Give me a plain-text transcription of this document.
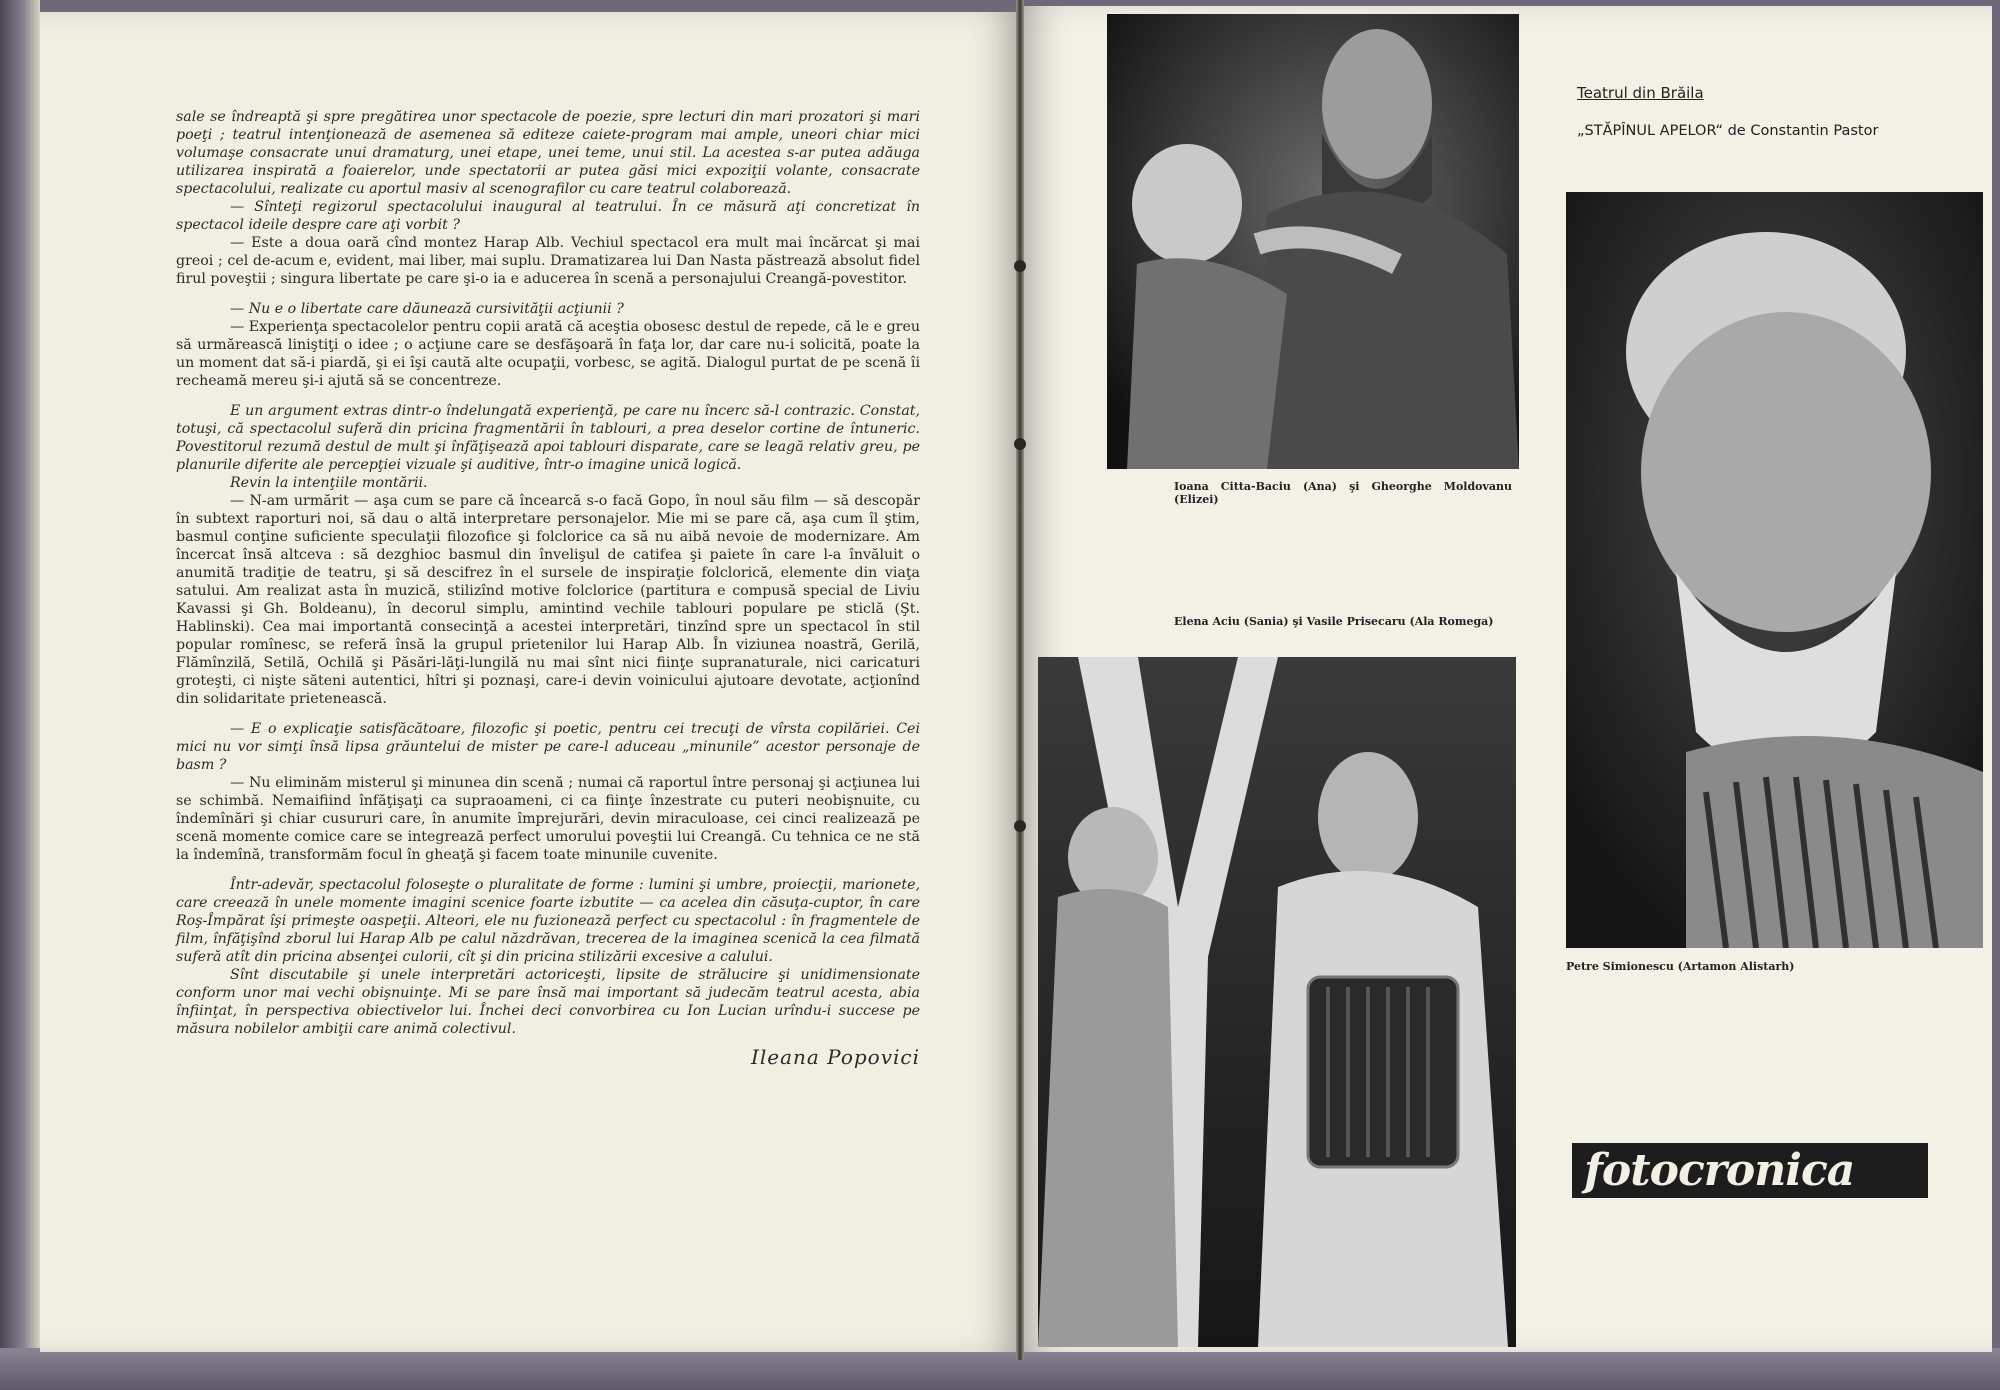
sale se îndreaptă şi spre pregătirea unor spectacole de poezie, spre lecturi din mari prozatori şi mari poeţi ; teatrul intenţionează de asemenea să editeze caiete-program mai ample, uneori chiar mici volumaşe consacrate unui dramaturg, unei etape, unei teme, unui stil. La acestea s-ar putea adăuga utilizarea inspirată a foaierelor, unde spectatorii ar putea găsi mici expoziţii volante, consacrate spectacolului, realizate cu aportul masiv al scenografilor cu care teatrul colaborează.

— Sînteţi regizorul spectacolului inaugural al teatrului. În ce măsură aţi concretizat în spectacol ideile despre care aţi vorbit ?

— Este a doua oară cînd montez Harap Alb. Vechiul spectacol era mult mai încărcat şi mai greoi ; cel de-acum e, evident, mai liber, mai suplu. Dramatizarea lui Dan Nasta păstrează absolut fidel firul poveştii ; singura libertate pe care şi-o ia e aducerea în scenă a personajului Creangă-povestitor.

— Nu e o libertate care dăunează cursivităţii acţiunii ?

— Experienţa spectacolelor pentru copii arată că aceştia obosesc destul de repede, că le e greu să urmărească liniştiţi o idee ; o acţiune care se desfăşoară în faţa lor, dar care nu-i solicită, poate la un moment dat să-i piardă, şi ei îşi caută alte ocupaţii, vorbesc, se agită. Dialogul purtat de pe scenă îi recheamă mereu şi-i ajută să se concentreze.

E un argument extras dintr-o îndelungată experienţă, pe care nu încerc să-l contrazic. Constat, totuşi, că spectacolul suferă din pricina fragmentării în tablouri, a prea deselor cortine de întuneric. Povestitorul rezumă destul de mult şi înfăţişează apoi tablouri disparate, care se leagă relativ greu, pe planurile diferite ale percepţiei vizuale şi auditive, într-o imagine unică logică.

Revin la intenţiile montării.

— N-am urmărit — aşa cum se pare că încearcă s-o facă Gopo, în noul său film — să descopăr în subtext raporturi noi, să dau o altă interpretare personajelor. Mie mi se pare că, aşa cum îl ştim, basmul conţine suficiente speculaţii filozofice şi folclorice ca să nu aibă nevoie de modernizare. Am încercat însă altceva : să dezghioc basmul din învelişul de catifea şi paiete în care l-a învăluit o anumită tradiţie de teatru, şi să descifrez în el sursele de inspiraţie folclorică, elemente din viaţa satului. Am realizat asta în muzică, stilizînd motive folclorice (partitura e compusă special de Liviu Kavassi şi Gh. Boldeanu), în decorul simplu, amintind vechile tablouri populare pe sticlă (Şt. Hablinski). Cea mai importantă consecinţă a acestei interpretări, tinzînd spre un spectacol în stil popular romînesc, se referă însă la grupul prietenilor lui Harap Alb. În viziunea noastră, Gerilă, Flămînzilă, Setilă, Ochilă şi Păsări-lăţi-lungilă nu mai sînt nici fiinţe supranaturale, nici caricaturi groteşti, ci nişte săteni autentici, hîtri şi poznaşi, care-i devin voinicului ajutoare devotate, acţionînd din solidaritate prietenească.

— E o explicaţie satisfăcătoare, filozofic şi poetic, pentru cei trecuţi de vîrsta copilăriei. Cei mici nu vor simţi însă lipsa grăuntelui de mister pe care-l aduceau „minunile” acestor personaje de basm ?

— Nu eliminăm misterul şi minunea din scenă ; numai că raportul între personaj şi acţiunea lui se schimbă. Nemaifiind înfăţişaţi ca supraoameni, ci ca fiinţe înzestrate cu puteri neobişnuite, cu îndemînări şi chiar cusururi care, în anumite împrejurări, devin miraculoase, cei cinci realizează pe scenă momente comice care se integrează perfect umorului poveştii lui Creangă. Cu tehnica ce ne stă la îndemînă, transformăm focul în gheaţă şi facem toate minunile cuvenite.

Într-adevăr, spectacolul foloseşte o pluralitate de forme : lumini şi umbre, proiecţii, marionete, care creează în unele momente imagini scenice foarte izbutite — ca acelea din căsuţa-cuptor, în care Roş-Împărat îşi primeşte oaspeţii. Alteori, ele nu fuzionează perfect cu spectacolul : în fragmentele de film, înfăţişînd zborul lui Harap Alb pe calul năzdrăvan, trecerea de la imaginea scenică la cea filmată suferă atît din pricina absenţei culorii, cît şi din pricina stilizării excesive a calului.

Sînt discutabile şi unele interpretări actoriceşti, lipsite de strălucire şi unidimensionate conform unor mai vechi obişnuinţe. Mi se pare însă mai important să judecăm teatrul acesta, abia înfiinţat, în perspectiva obiectivelor lui. Închei deci convorbirea cu Ion Lucian urîndu-i succese pe măsura nobilelor ambiţii care animă colectivul.

Ileana Popovici
Ioana Citta-Baciu (Ana) şi Gheorghe Moldovanu (Elizei)
Elena Aciu (Sania) şi Vasile Prisecaru (Ala Romega)
Teatrul din Brăila
„STĂPÎNUL APELOR“ de Constantin Pastor
Petre Simionescu (Artamon Alistarh)
fotocronica
